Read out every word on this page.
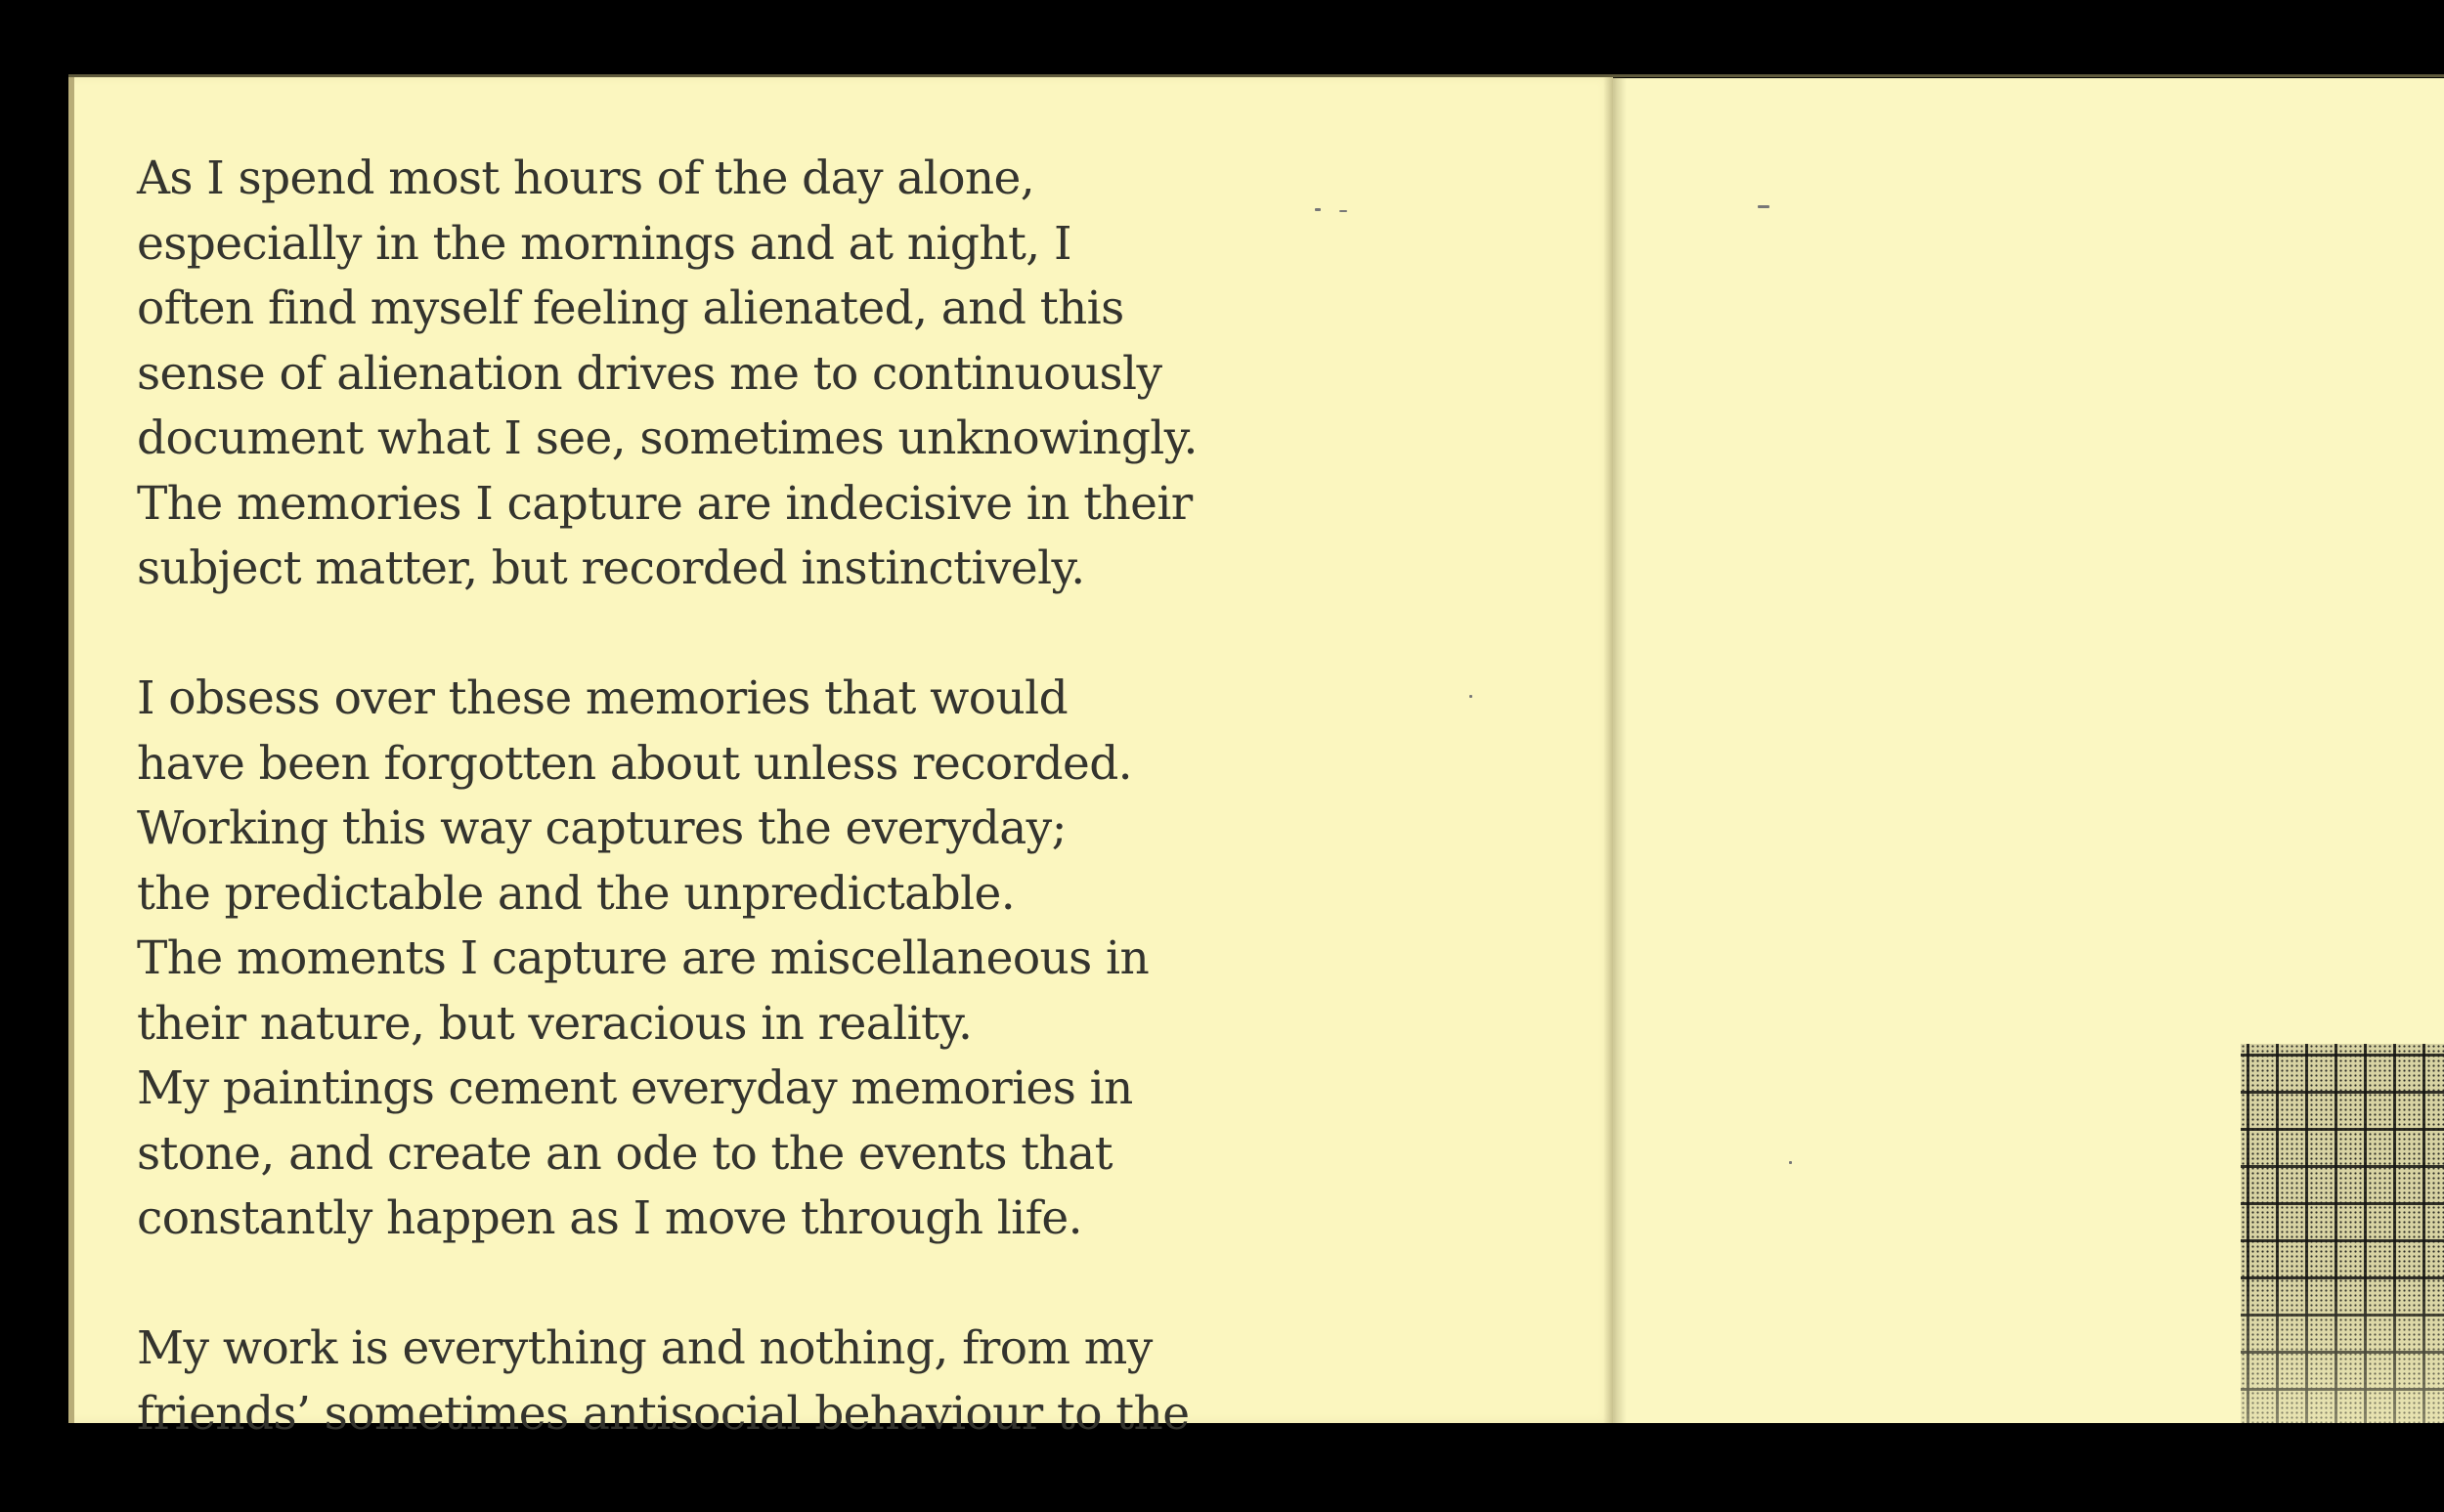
As I spend most hours of the day alone,
especially in the mornings and at night, I
often find myself feeling alienated, and this
sense of alienation drives me to continuously
document what I see, sometimes unknowingly.
The memories I capture are indecisive in their
subject matter, but recorded instinctively.

I obsess over these memories that would
have been forgotten about unless recorded.
Working this way captures the everyday;
the predictable and the unpredictable.
The moments I capture are miscellaneous in
their nature, but veracious in reality.
My paintings cement everyday memories in
stone, and create an ode to the events that
constantly happen as I move through life.

My work is everything and nothing, from my
friends’ sometimes antisocial behaviour to the
